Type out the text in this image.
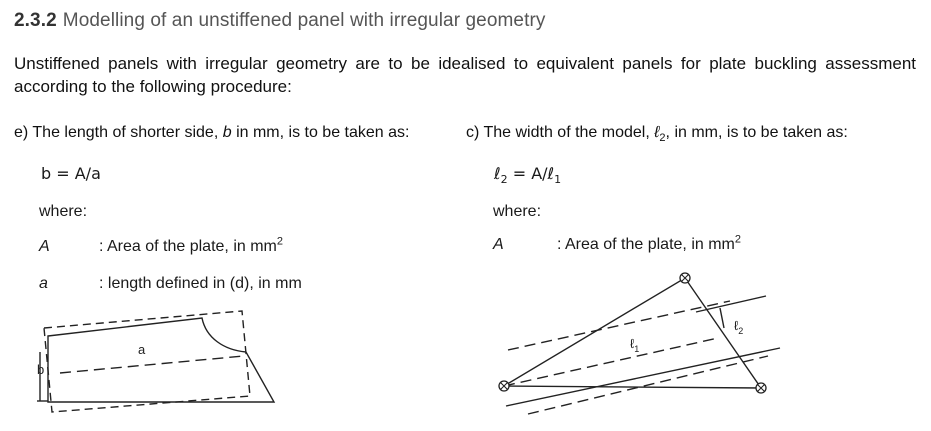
2.3.2 Modelling of an unstiffened panel with irregular geometry
Unstiffened panels with irregular geometry are to be idealised to equivalent panels for plate buckling assessment according to the following procedure:
e) The length of shorter side, b in mm, is to be taken as:
b = A/a
where:
A	: Area of the plate, in $mm^2$
a	: length defined in (d), in mm
a
b
c) The width of the model, ℓ$_2$, in mm, is to be taken as:
ℓ$_2$ = A/ℓ$_1$
where:
A	: Area of the plate, in $mm^2$
ℓ$_1$
ℓ$_2$
